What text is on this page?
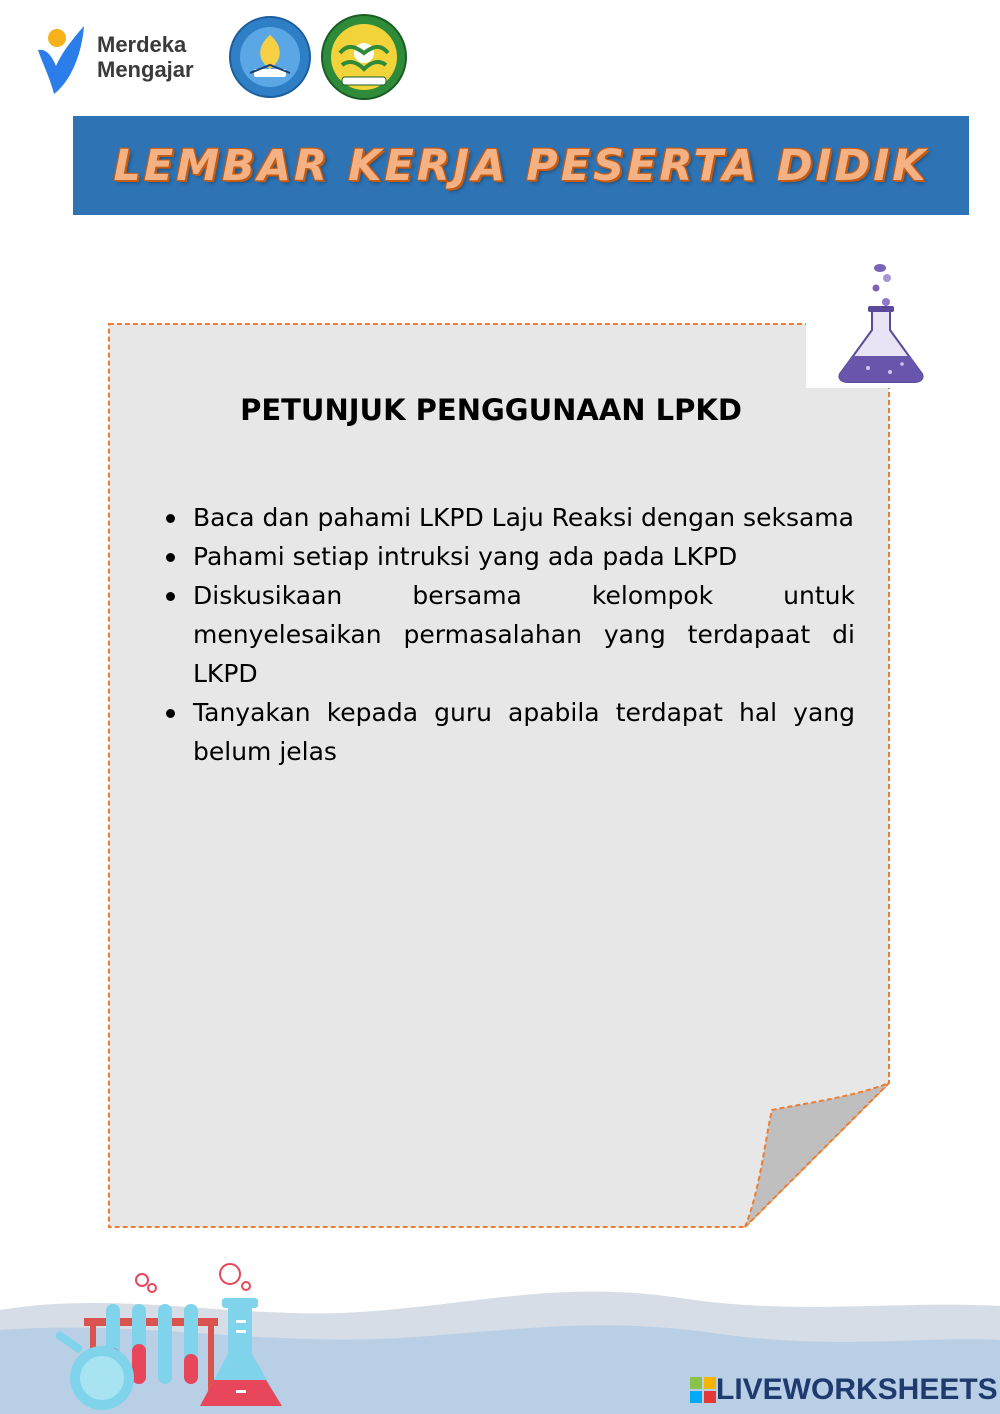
Merdeka
Mengajar
LEMBAR KERJA PESERTA DIDIK
PETUNJUK PENGGUNAAN LPKD
Baca dan pahami LKPD Laju Reaksi dengan seksama
Pahami setiap intruksi yang ada pada LKPD
Diskusikaan bersama kelompok untuk menyelesaikan permasalahan yang terdapaat di LKPD
Tanyakan kepada guru apabila terdapat hal yang belum jelas
LIVEWORKSHEETS
